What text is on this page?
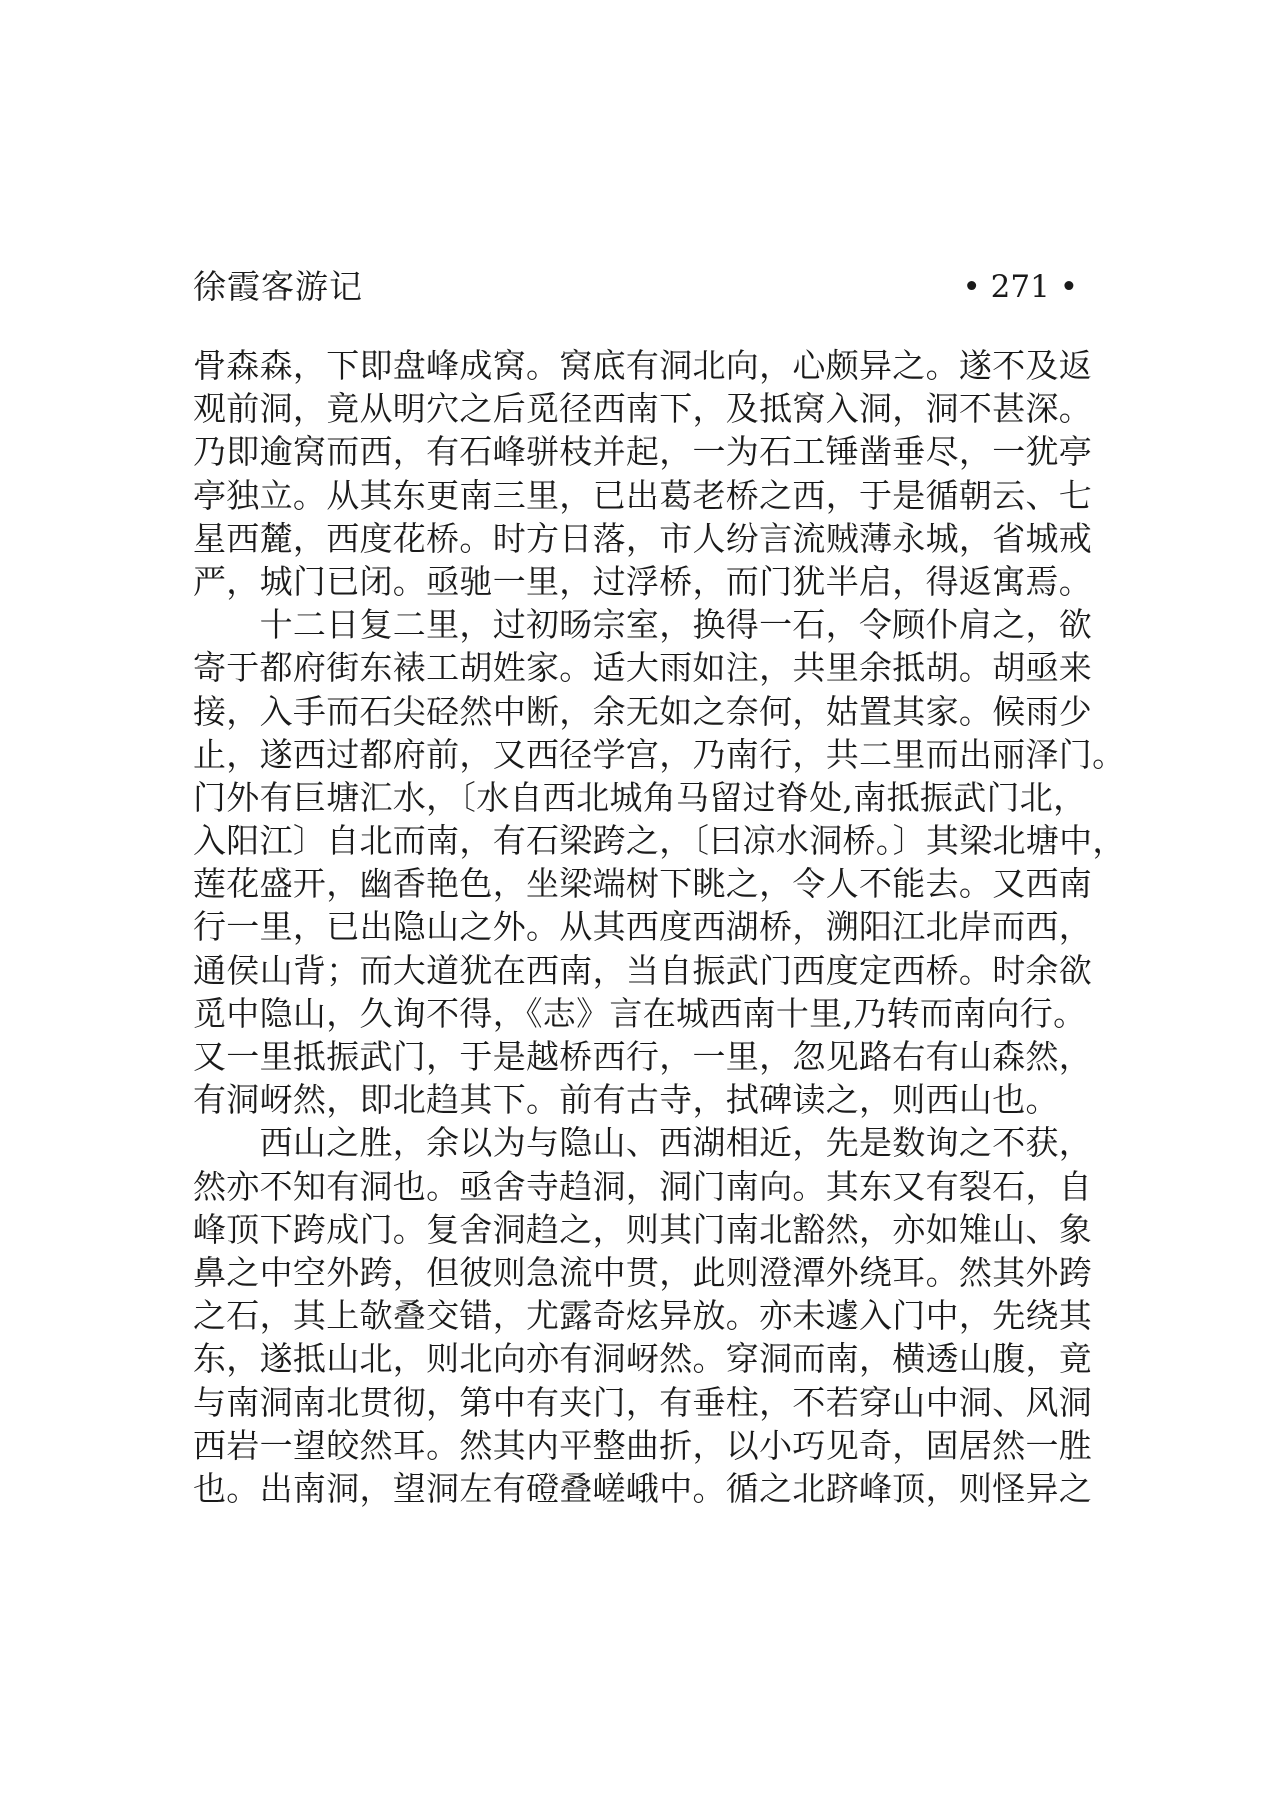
徐霞客游记	• 271 •
骨森森，下即盘峰成窝。窝底有洞北向，心颇异之。遂不及返
观前洞，竟从明穴之后觅径西南下，及抵窝入洞，洞不甚深。
乃即逾窝而西，有石峰骈枝并起，一为石工锤凿垂尽，一犹亭
亭独立。从其东更南三里，已出葛老桥之西，于是循朝云、七
星西麓，西度花桥。时方日落，市人纷言流贼薄永城，省城戒
严，城门已闭。亟驰一里，过浮桥，而门犹半启，得返寓焉。
　　十二日复二里，过初旸宗室，换得一石，令顾仆肩之，欲
寄于都府街东裱工胡姓家。适大雨如注，共里余抵胡。胡亟来
接，入手而石尖硁然中断，余无如之奈何，姑置其家。候雨少
止，遂西过都府前，又西径学宫，乃南行，共二里而出丽泽门。
门外有巨塘汇水，〔水自西北城角马留过脊处,南抵振武门北，
入阳江〕自北而南，有石梁跨之，〔曰凉水洞桥。〕其梁北塘中，
莲花盛开，幽香艳色，坐梁端树下眺之，令人不能去。又西南
行一里，已出隐山之外。从其西度西湖桥，溯阳江北岸而西，
通侯山背；而大道犹在西南，当自振武门西度定西桥。时余欲
觅中隐山，久询不得，《志》言在城西南十里,乃转而南向行。
又一里抵振武门，于是越桥西行，一里，忽见路右有山森然，
有洞岈然，即北趋其下。前有古寺，拭碑读之，则西山也。
　　西山之胜，余以为与隐山、西湖相近，先是数询之不获，
然亦不知有洞也。亟舍寺趋洞，洞门南向。其东又有裂石，自
峰顶下跨成门。复舍洞趋之，则其门南北豁然，亦如雉山、象
鼻之中空外跨，但彼则急流中贯，此则澄潭外绕耳。然其外跨
之石，其上欹叠交错，尤露奇炫异放。亦未遽入门中，先绕其
东，遂抵山北，则北向亦有洞岈然。穿洞而南，横透山腹，竟
与南洞南北贯彻，第中有夹门，有垂柱，不若穿山中洞、风洞
西岩一望皎然耳。然其内平整曲折，以小巧见奇，固居然一胜
也。出南洞，望洞左有磴叠嵯峨中。循之北跻峰顶，则怪异之
